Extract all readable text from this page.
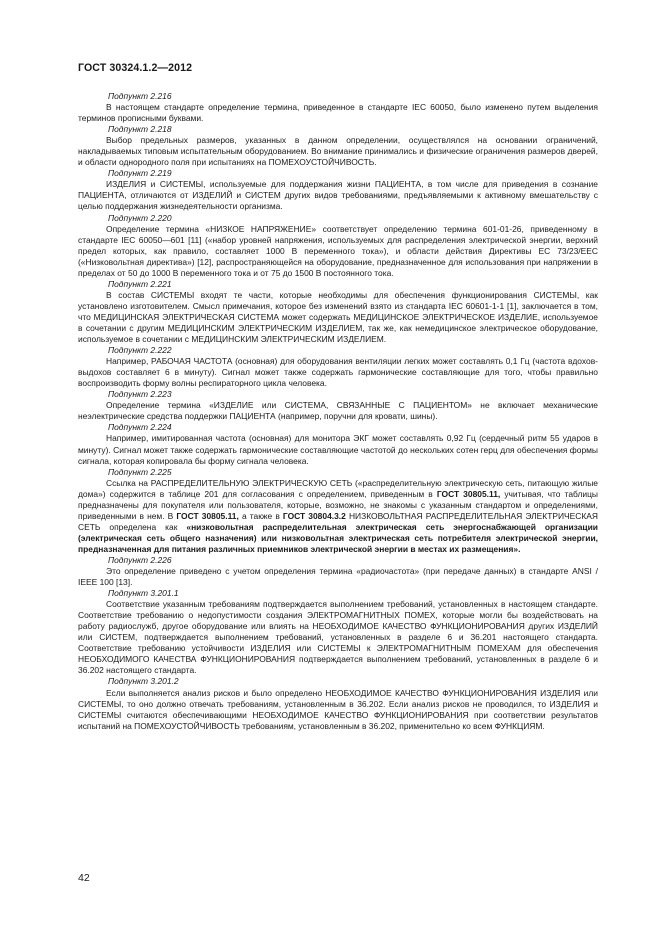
ГОСТ 30324.1.2—2012

Подпункт 2.216

В настоящем стандарте определение термина, приведенное в стандарте IEC 60050, было изменено путем выделения терминов прописными буквами.

Подпункт 2.218

Выбор предельных размеров, указанных в данном определении, осуществлялся на основании ограничений, накладываемых типовым испытательным оборудованием. Во внимание принимались и физические ограничения размеров дверей, и области однородного поля при испытаниях на ПОМЕХОУСТОЙЧИВОСТЬ.

Подпункт 2.219

ИЗДЕЛИЯ и СИСТЕМЫ, используемые для поддержания жизни ПАЦИЕНТА, в том числе для приведения в сознание ПАЦИЕНТА, отличаются от ИЗДЕЛИЙ и СИСТЕМ других видов требованиями, предъявляемыми к активному вмешательству с целью поддержания жизнедеятельности организма.

Подпункт 2.220

Определение термина «НИЗКОЕ НАПРЯЖЕНИЕ» соответствует определению термина 601-01-26, приведенному в стандарте IEC 60050—601 [11] («набор уровней напряжения, используемых для распределения электрической энергии, верхний предел которых, как правило, составляет 1000 В переменного тока»), и области действия Директивы ЕС 73/23/ЕЕС («Низковольтная директива») [12], распространяющейся на оборудование, предназначенное для использования при напряжении в пределах от 50 до 1000 В переменного тока и от 75 до 1500 В постоянного тока.

Подпункт 2.221

В состав СИСТЕМЫ входят те части, которые необходимы для обеспечения функционирования СИСТЕМЫ, как установлено изготовителем. Смысл примечания, которое без изменений взято из стандарта IEC 60601-1-1 [1], заключается в том, что МЕДИЦИНСКАЯ ЭЛЕКТРИЧЕСКАЯ СИСТЕМА может содержать МЕДИЦИНСКОЕ ЭЛЕКТРИЧЕСКОЕ ИЗДЕЛИЕ, используемое в сочетании с другим МЕДИЦИНСКИМ ЭЛЕКТРИЧЕСКИМ ИЗДЕЛИЕМ, так же, как немедицинское электрическое оборудование, используемое в сочетании с МЕДИЦИНСКИМ ЭЛЕКТРИЧЕСКИМ ИЗДЕЛИЕМ.

Подпункт 2.222

Например, РАБОЧАЯ ЧАСТОТА (основная) для оборудования вентиляции легких может составлять 0,1 Гц (частота вдохов-выдохов составляет 6 в минуту). Сигнал может также содержать гармонические составляющие для того, чтобы правильно воспроизводить форму волны респираторного цикла человека.

Подпункт 2.223

Определение термина «ИЗДЕЛИЕ или СИСТЕМА, СВЯЗАННЫЕ С ПАЦИЕНТОМ» не включает механические неэлектрические средства поддержки ПАЦИЕНТА (например, поручни для кровати, шины).

Подпункт 2.224

Например, имитированная частота (основная) для монитора ЭКГ может составлять 0,92 Гц (сердечный ритм 55 ударов в минуту). Сигнал может также содержать гармонические составляющие частотой до нескольких сотен герц для обеспечения формы сигнала, которая копировала бы форму сигнала человека.

Подпункт 2.225

Ссылка на РАСПРЕДЕЛИТЕЛЬНУЮ ЭЛЕКТРИЧЕСКУЮ СЕТЬ («распределительную электрическую сеть, питающую жилые дома») содержится в таблице 201 для согласования с определением, приведенным в ГОСТ 30805.11, учитывая, что таблицы предназначены для покупателя или пользователя, которые, возможно, не знакомы с указанным стандартом и определениями, приведенными в нем. В ГОСТ 30805.11, а также в ГОСТ 30804.3.2 НИЗКОВОЛЬТНАЯ РАСПРЕДЕЛИТЕЛЬНАЯ ЭЛЕКТРИЧЕСКАЯ СЕТЬ определена как «низковольтная распределительная электрическая сеть энергоснабжающей организации (электрическая сеть общего назначения) или низковольтная электрическая сеть потребителя электрической энергии, предназначенная для питания различных приемников электрической энергии в местах их размещения».

Подпункт 2.226

Это определение приведено с учетом определения термина «радиочастота» (при передаче данных) в стандарте ANSI / IEEE 100 [13].

Подпункт 3.201.1

Соответствие указанным требованиям подтверждается выполнением требований, установленных в настоящем стандарте. Соответствие требованию о недопустимости создания ЭЛЕКТРОМАГНИТНЫХ ПОМЕХ, которые могли бы воздействовать на работу радиослужб, другое оборудование или влиять на НЕОБХОДИМОЕ КАЧЕСТВО ФУНКЦИОНИРОВАНИЯ других ИЗДЕЛИЙ или СИСТЕМ, подтверждается выполнением требований, установленных в разделе 6 и 36.201 настоящего стандарта. Соответствие требованию устойчивости ИЗДЕЛИЯ или СИСТЕМЫ к ЭЛЕКТРОМАГНИТНЫМ ПОМЕХАМ для обеспечения НЕОБХОДИМОГО КАЧЕСТВА ФУНКЦИОНИРОВАНИЯ подтверждается выполнением требований, установленных в разделе 6 и 36.202 настоящего стандарта.

Подпункт 3.201.2

Если выполняется анализ рисков и было определено НЕОБХОДИМОЕ КАЧЕСТВО ФУНКЦИОНИРОВАНИЯ ИЗДЕЛИЯ или СИСТЕМЫ, то оно должно отвечать требованиям, установленным в 36.202. Если анализ рисков не проводился, то ИЗДЕЛИЯ и СИСТЕМЫ считаются обеспечивающими НЕОБХОДИМОЕ КАЧЕСТВО ФУНКЦИОНИРОВАНИЯ при соответствии результатов испытаний на ПОМЕХОУСТОЙЧИВОСТЬ требованиям, установленным в 36.202, применительно ко всем ФУНКЦИЯМ.

42
